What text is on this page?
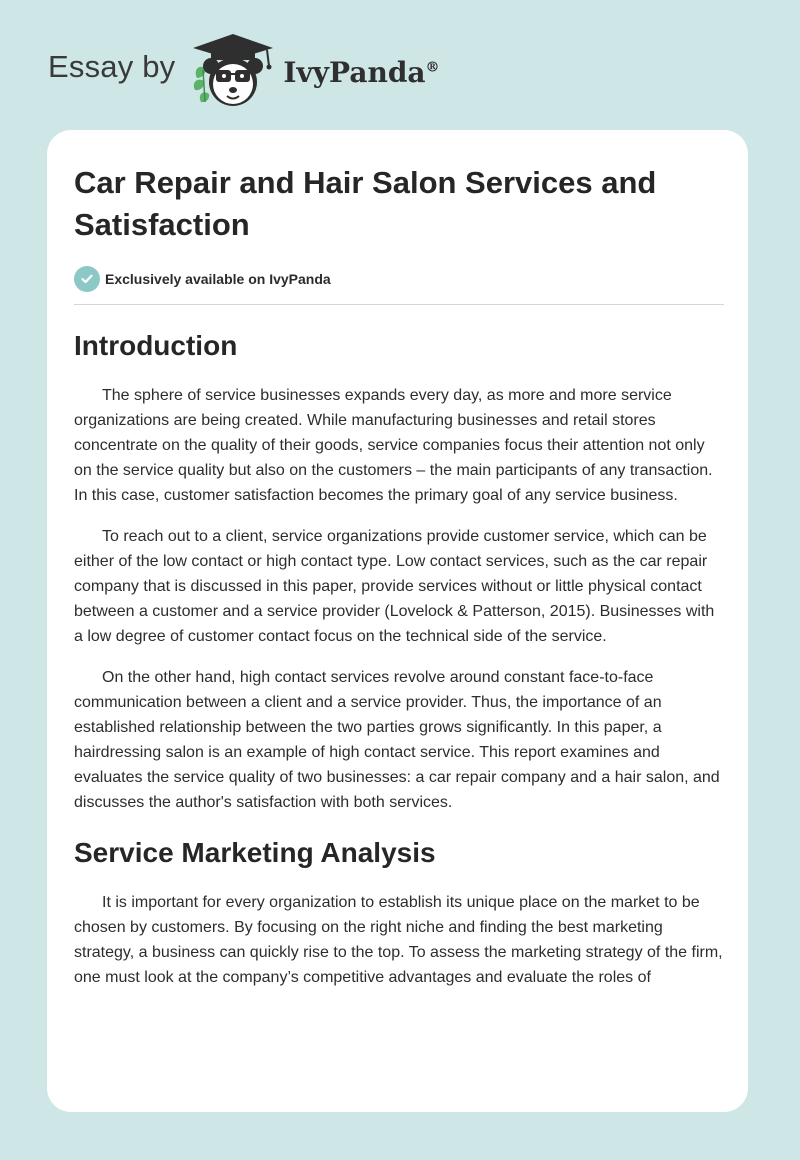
Essay by	IvyPanda®
Car Repair and Hair Salon Services and Satisfaction
Exclusively available on IvyPanda
Introduction

The sphere of service businesses expands every day, as more and more service organizations are being created. While manufacturing businesses and retail stores concentrate on the quality of their goods, service companies focus their attention not only on the service quality but also on the customers – the main participants of any transaction. In this case, customer satisfaction becomes the primary goal of any service business.

To reach out to a client, service organizations provide customer service, which can be either of the low contact or high contact type. Low contact services, such as the car repair company that is discussed in this paper, provide services without or little physical contact between a customer and a service provider (Lovelock & Patterson, 2015). Businesses with a low degree of customer contact focus on the technical side of the service.

On the other hand, high contact services revolve around constant face-to-face communication between a client and a service provider. Thus, the importance of an established relationship between the two parties grows significantly. In this paper, a hairdressing salon is an example of high contact service. This report examines and evaluates the service quality of two businesses: a car repair company and a hair salon, and discusses the author's satisfaction with both services.

Service Marketing Analysis

It is important for every organization to establish its unique place on the market to be chosen by customers. By focusing on the right niche and finding the best marketing strategy, a business can quickly rise to the top. To assess the marketing strategy of the firm, one must look at the company’s competitive advantages and evaluate the roles of
